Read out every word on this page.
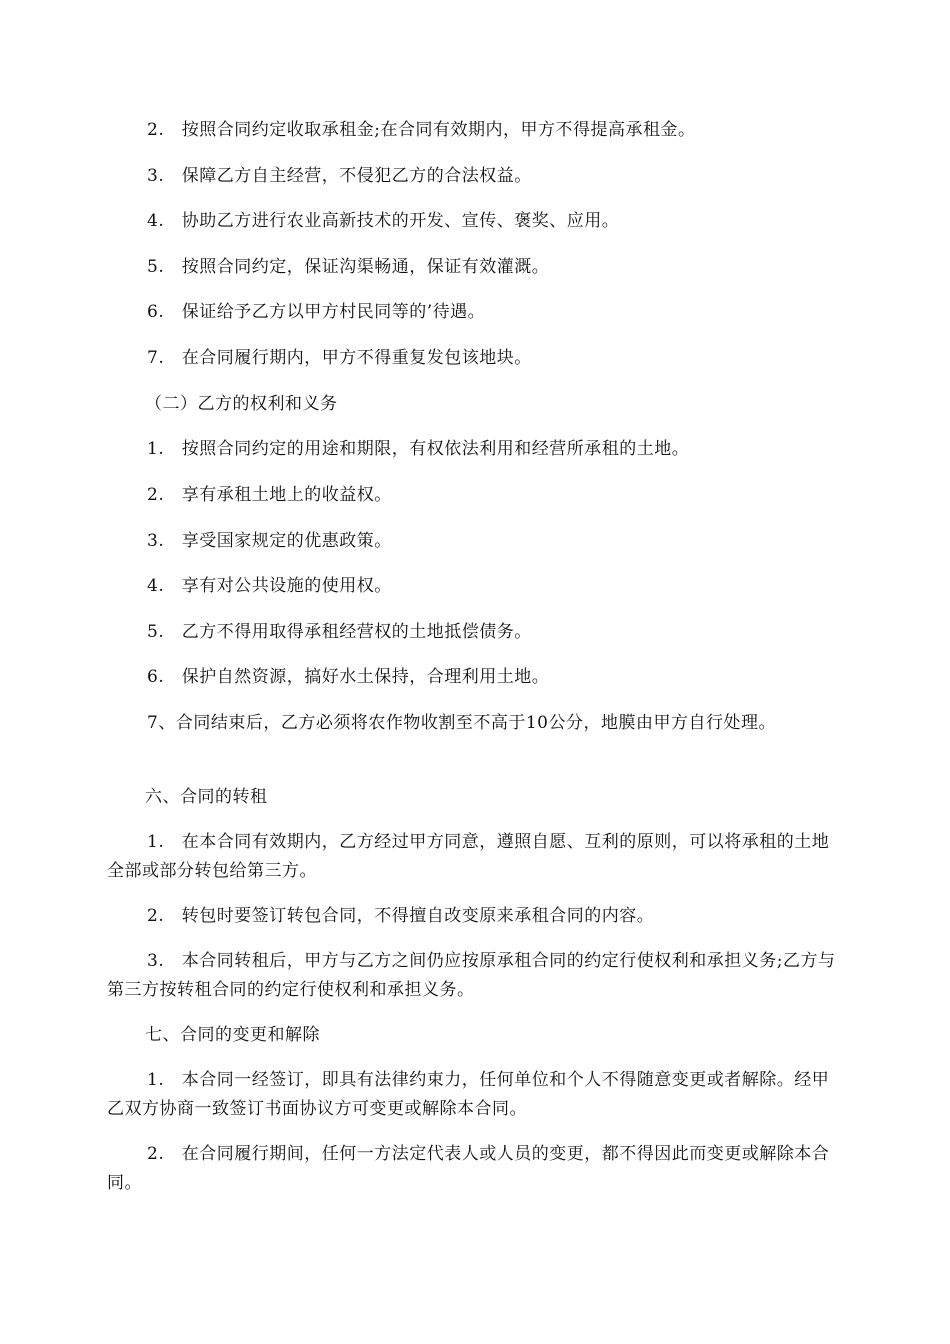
2.　按照合同约定收取承租金;在合同有效期内，甲方不得提高承租金。

3.　保障乙方自主经营，不侵犯乙方的合法权益。

4.　协助乙方进行农业高新技术的开发、宣传、褒奖、应用。

5.　按照合同约定，保证沟渠畅通，保证有效灌溉。

6.　保证给予乙方以甲方村民同等的’待遇。

7.　在合同履行期内，甲方不得重复发包该地块。

（二）乙方的权利和义务

1.　按照合同约定的用途和期限，有权依法利用和经营所承租的土地。

2.　享有承租土地上的收益权。

3.　享受国家规定的优惠政策。

4.　享有对公共设施的使用权。

5.　乙方不得用取得承租经营权的土地抵偿债务。

6.　保护自然资源，搞好水土保持，合理利用土地。

7、合同结束后，乙方必须将农作物收割至不高于10公分，地膜由甲方自行处理。

六、合同的转租

1.　在本合同有效期内，乙方经过甲方同意，遵照自愿、互利的原则，可以将承租的土地全部或部分转包给第三方。

2.　转包时要签订转包合同，不得擅自改变原来承租合同的内容。

3.　本合同转租后，甲方与乙方之间仍应按原承租合同的约定行使权利和承担义务;乙方与第三方按转租合同的约定行使权利和承担义务。

七、合同的变更和解除

1.　本合同一经签订，即具有法律约束力，任何单位和个人不得随意变更或者解除。经甲乙双方协商一致签订书面协议方可变更或解除本合同。

2.　在合同履行期间，任何一方法定代表人或人员的变更，都不得因此而变更或解除本合同。
